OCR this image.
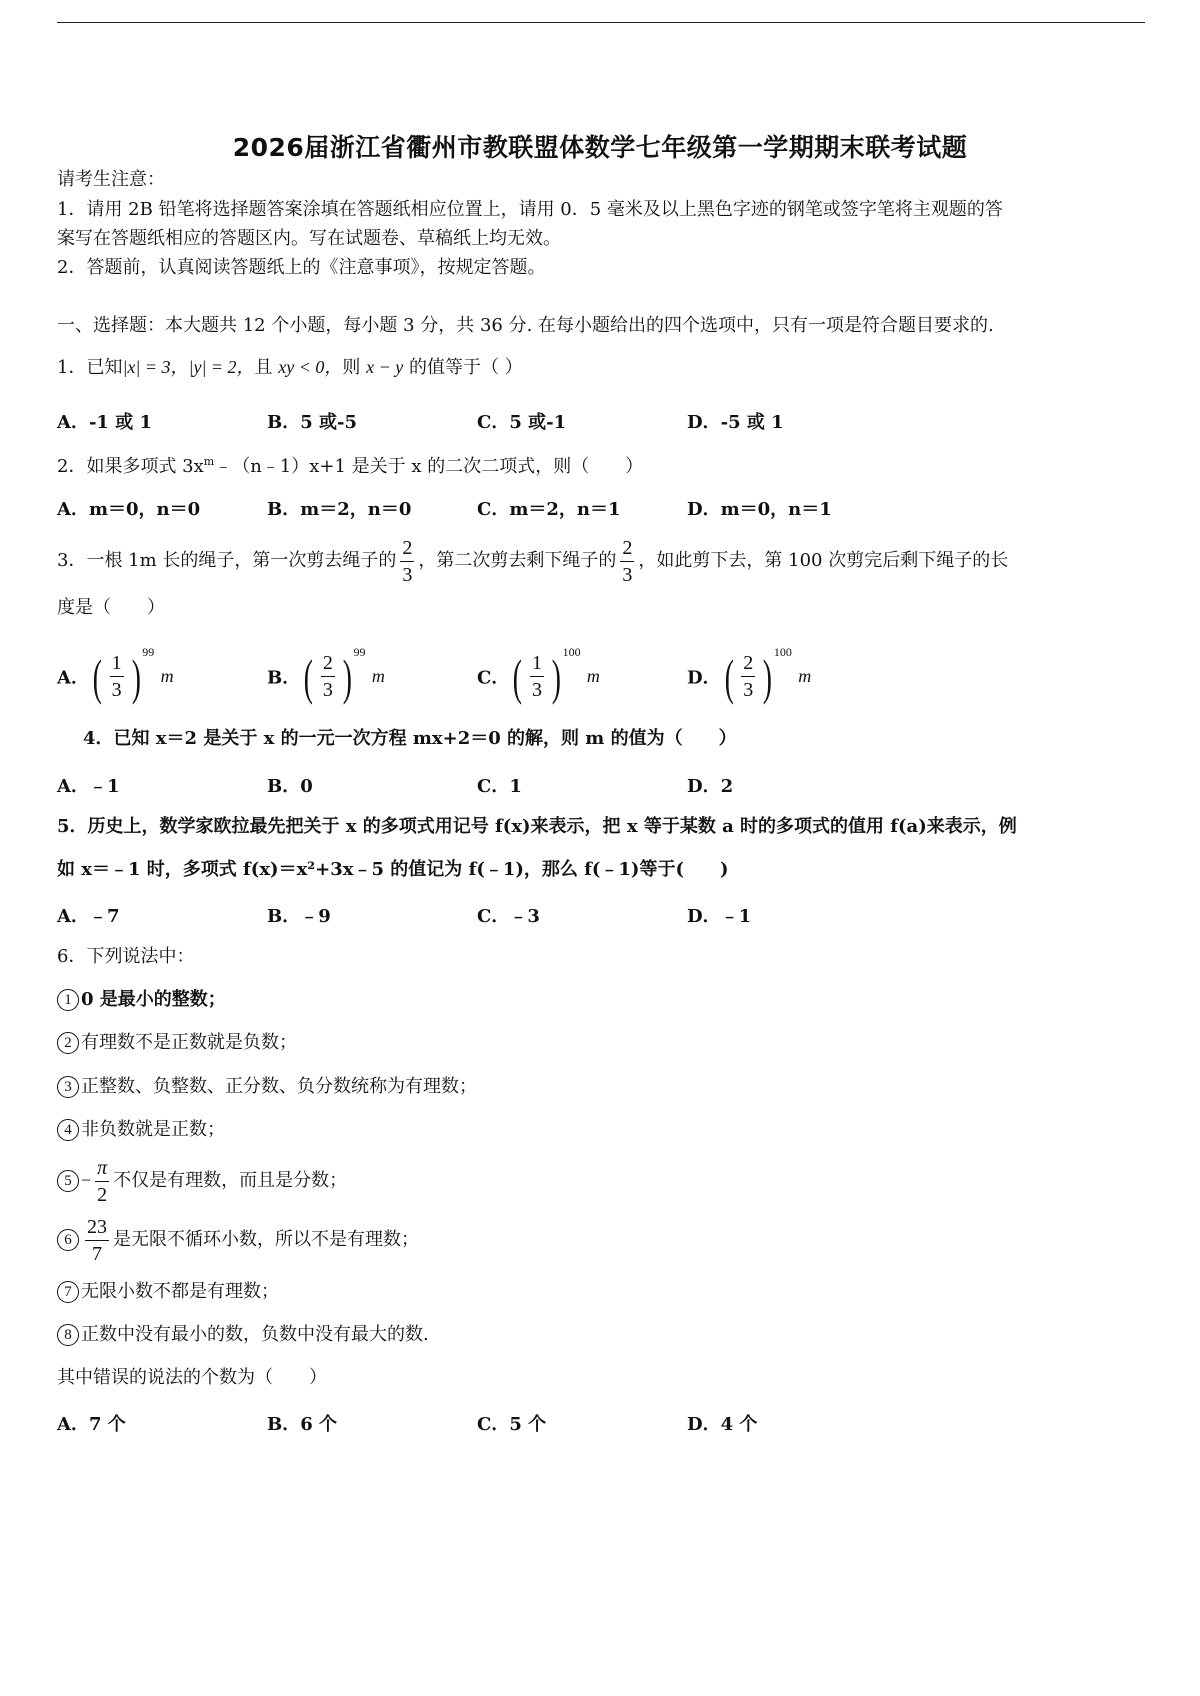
2026届浙江省衢州市教联盟体数学七年级第一学期期末联考试题
请考生注意：
1．请用 2B 铅笔将选择题答案涂填在答题纸相应位置上，请用 0．5 毫米及以上黑色字迹的钢笔或签字笔将主观题的答
案写在答题纸相应的答题区内。写在试题卷、草稿纸上均无效。
2．答题前，认真阅读答题纸上的《注意事项》，按规定答题。
一、选择题：本大题共 12 个小题，每小题 3 分，共 36 分. 在每小题给出的四个选项中，只有一项是符合题目要求的.
1．已知|x| = 3，|y| = 2，且 xy < 0，则 x − y 的值等于（ ）
A．-1 或 1	B．5 或-5	C．5 或-1	D．-5 或 1
2．如果多项式 $3x^m﹣(n﹣1)x+1$ 是关于 x 的二次二项式，则（　　）
A．m＝0，n＝0	B．m＝2，n＝0	C．m＝2，n＝1	D．m＝0，n＝1
3．一根 1m 长的绳子，第一次剪去绳子的 $\frac{2}{3}$ ，第二次剪去剩下绳子的 $\frac{2}{3}$ ，如此剪下去，第 100 次剪完后剩下绳子的长
度是（　　）
A． ( $\frac{1}{3}$ ) 99
m	B． ( $\frac{2}{3}$ ) 99
m	C． ( $\frac{1}{3}$ ) 100
m	D． ( $\frac{2}{3}$ ) 100
m
4．已知 x＝2 是关于 x 的一元一次方程 mx+2＝0 的解，则 m 的值为（　　）
A．﹣1	B．0	C．1	D．2
5．历史上，数学家欧拉最先把关于 x 的多项式用记号 f(x)来表示，把 x 等于某数 a 时的多项式的值用 f(a)来表示，例
如 x＝﹣1 时，多项式 f(x)＝x²+3x﹣5 的值记为 f(﹣1)，那么 f(﹣1)等于(　　)
A．﹣7	B．﹣9	C．﹣3	D．﹣1
6．下列说法中：
1 0 是最小的整数；
2 有理数不是正数就是负数；
3 正整数、负整数、正分数、负分数统称为有理数；
4 非负数就是正数；
$5 - \frac{\pi}{2}$ 不仅是有理数，而且是分数；
$6 \frac{23}{7}$ 是无限不循环小数，所以不是有理数；
7 无限小数不都是有理数；
8 正数中没有最小的数，负数中没有最大的数.
其中错误的说法的个数为（　　）
A．7 个	B．6 个	C．5 个	D．4 个
